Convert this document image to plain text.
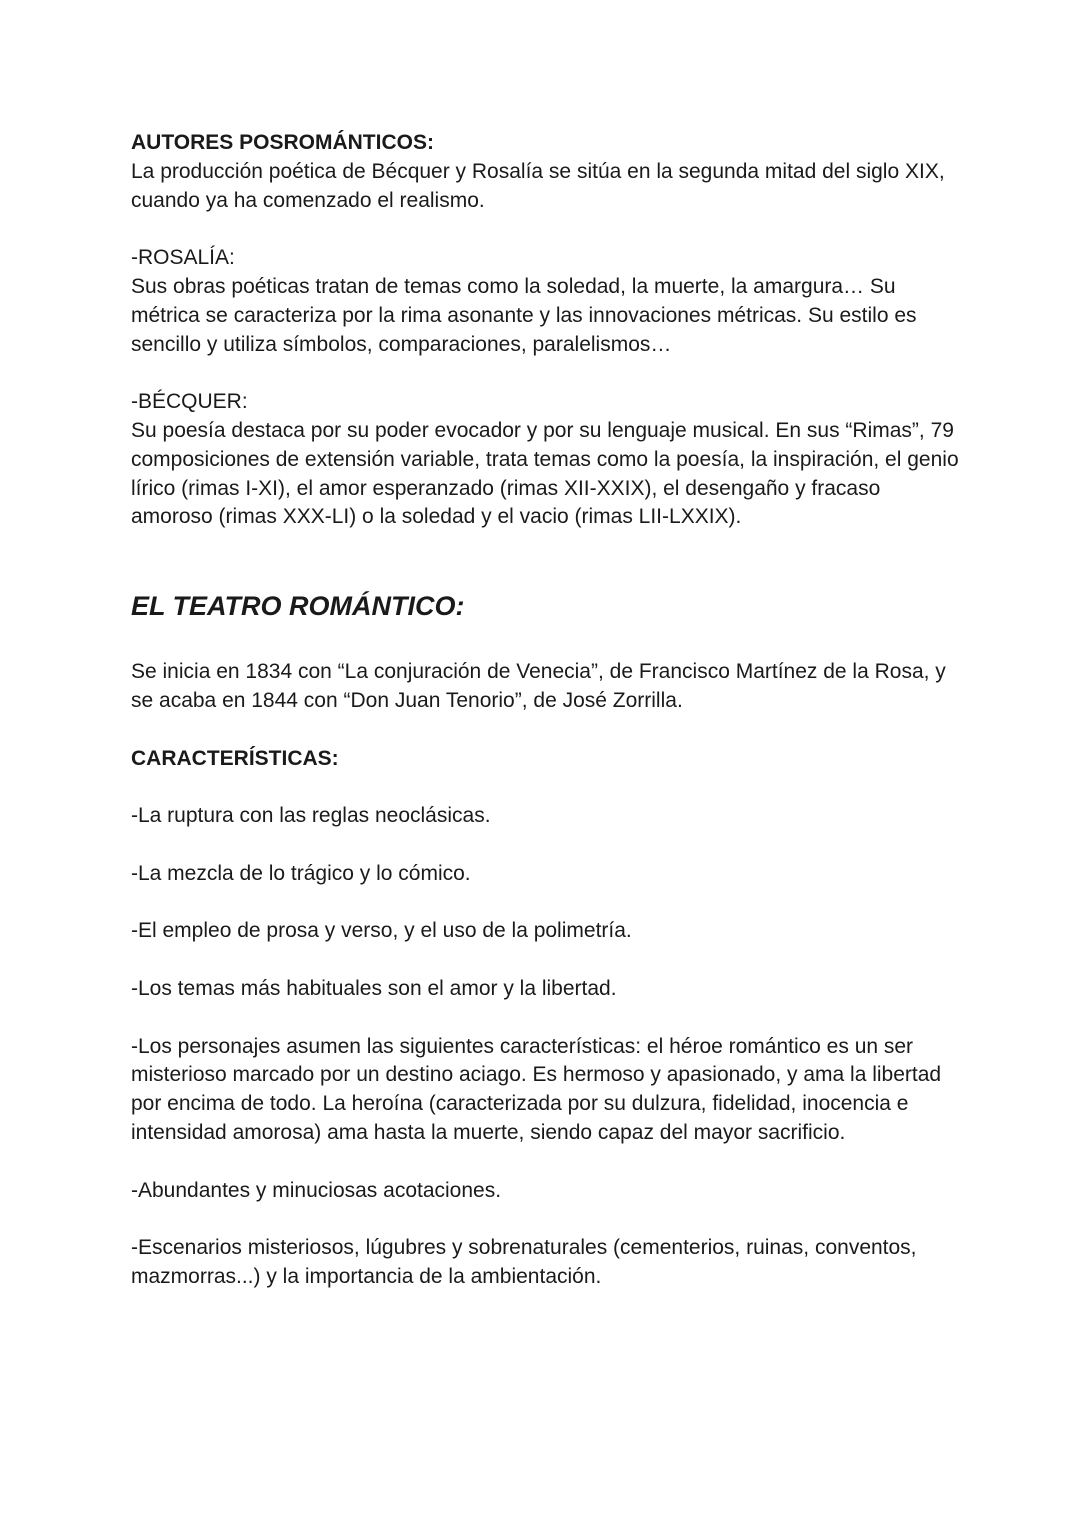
AUTORES POSROMÁNTICOS:

La producción poética de Bécquer y Rosalía se sitúa en la segunda mitad del siglo XIX, cuando ya ha comenzado el realismo.

-ROSALÍA:

Sus obras poéticas tratan de temas como la soledad, la muerte, la amargura… Su métrica se caracteriza por la rima asonante y las innovaciones métricas. Su estilo es sencillo y utiliza símbolos, comparaciones, paralelismos…

-BÉCQUER:

Su poesía destaca por su poder evocador y por su lenguaje musical. En sus “Rimas”, 79 composiciones de extensión variable, trata temas como la poesía, la inspiración, el genio lírico (rimas I-XI), el amor esperanzado (rimas XII-XXIX), el desengaño y fracaso amoroso (rimas XXX-LI) o la soledad y el vacio (rimas LII-LXXIX).

EL TEATRO ROMÁNTICO:

Se inicia en 1834 con “La conjuración de Venecia”, de Francisco Martínez de la Rosa, y se acaba en 1844 con “Don Juan Tenorio”, de José Zorrilla.

CARACTERÍSTICAS:

-La ruptura con las reglas neoclásicas.

-La mezcla de lo trágico y lo cómico.

-El empleo de prosa y verso, y el uso de la polimetría.

-Los temas más habituales son el amor y la libertad.

-Los personajes asumen las siguientes características: el héroe romántico es un ser misterioso marcado por un destino aciago. Es hermoso y apasionado, y ama la libertad por encima de todo. La heroína (caracterizada por su dulzura, fidelidad, inocencia e intensidad amorosa) ama hasta la muerte, siendo capaz del mayor sacrificio.

-Abundantes y minuciosas acotaciones.

-Escenarios misteriosos, lúgubres y sobrenaturales (cementerios, ruinas, conventos, mazmorras...) y la importancia de la ambientación.
